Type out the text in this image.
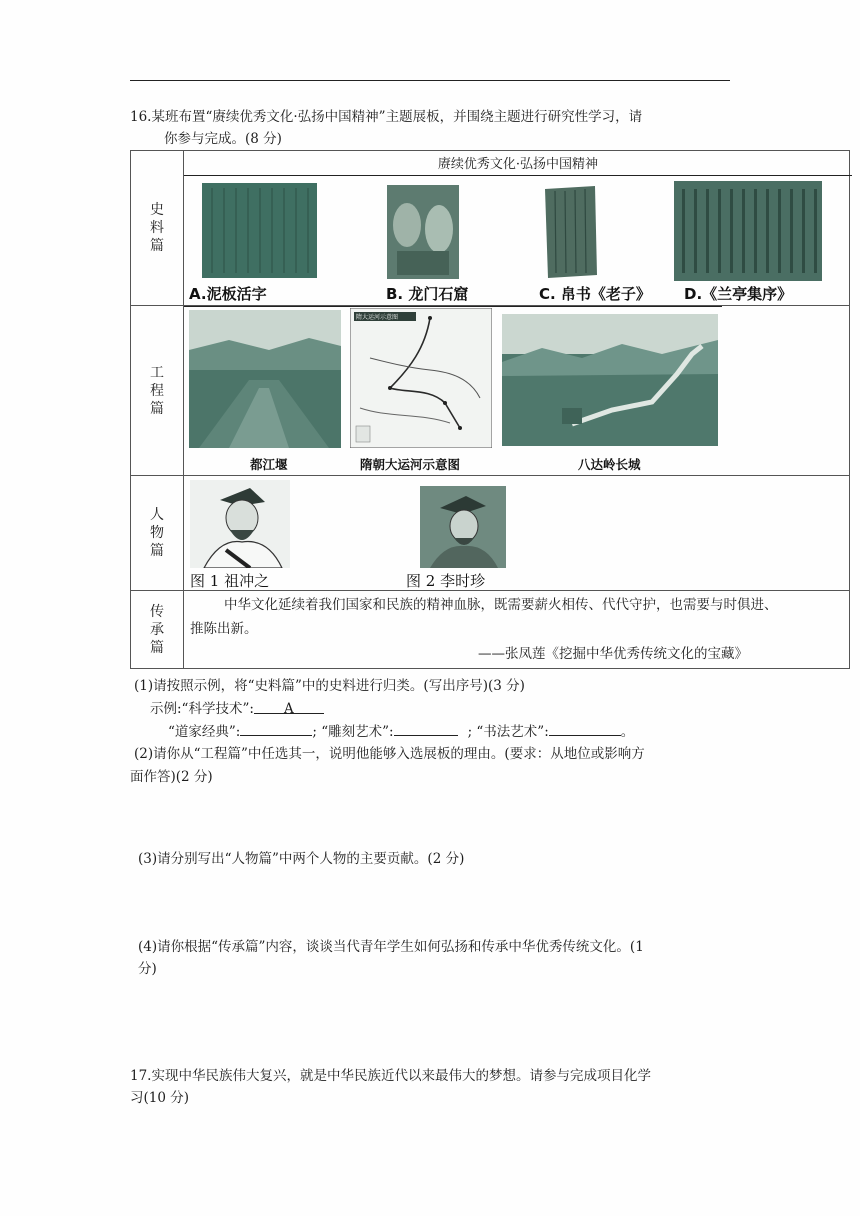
16.某班布置“赓续优秀文化·弘扬中国精神”主题展板，并围绕主题进行研究性学习，请
你参与完成。(8 分)
史料篇	赓续优秀文化·弘扬中国精神
A.泥板活字 B. 龙门石窟 C. 帛书《老子》 D.《兰亭集序》

工程篇	隋大运河示意图
都江堰 隋朝大运河示意图 八达岭长城

人物篇	图 1 祖冲之 图 2 李时珍

传承篇	中华文化延续着我们国家和民族的精神血脉，既需要薪火相传、代代守护，也需要与时俱进、
推陈出新。
——张凤莲《挖掘中华优秀传统文化的宝藏》
(1)请按照示例，将“史料篇”中的史料进行归类。(写出序号)(3 分)
示例:“科学技术”: A
“道家经典”:	; “雕刻艺术”:	; “书法艺术”:	。
(2)请你从“工程篇”中任选其一，说明他能够入选展板的理由。(要求：从地位或影响方
面作答)(2 分)
(3)请分别写出“人物篇”中两个人物的主要贡献。(2 分)
(4)请你根据“传承篇”内容，谈谈当代青年学生如何弘扬和传承中华优秀传统文化。(1
分)
17.实现中华民族伟大复兴，就是中华民族近代以来最伟大的梦想。请参与完成项目化学
习(10 分)
